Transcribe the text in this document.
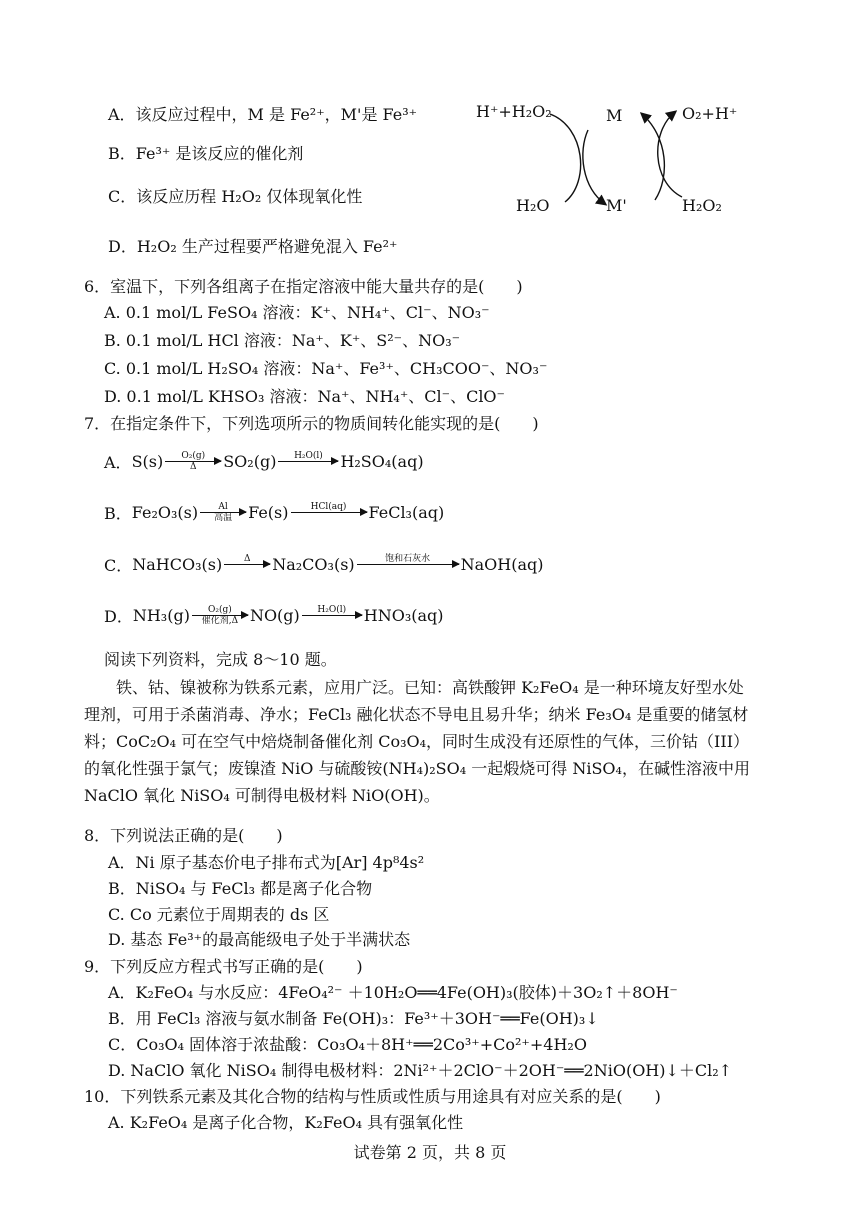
A．该反应过程中，M 是 Fe²⁺，M'是 Fe³⁺
B．Fe³⁺ 是该反应的催化剂
C．该反应历程 H₂O₂ 仅体现氧化性
D．H₂O₂ 生产过程要严格避免混入 Fe²⁺
H⁺+H₂O₂	M	O₂+H⁺
H₂O	M'	H₂O₂
6．室温下，下列各组离子在指定溶液中能大量共存的是(　　)
A. 0.1 mol/L FeSO₄ 溶液：K⁺、NH₄⁺、Cl⁻、NO₃⁻
B. 0.1 mol/L HCl 溶液：Na⁺、K⁺、S²⁻、NO₃⁻
C. 0.1 mol/L H₂SO₄ 溶液：Na⁺、Fe³⁺、CH₃COO⁻、NO₃⁻
D. 0.1 mol/L KHSO₃ 溶液：Na⁺、NH₄⁺、Cl⁻、ClO⁻
7．在指定条件下，下列选项所示的物质间转化能实现的是(　　)
A． S(s) O₂(g)
Δ SO₂(g) H₂O(l) H₂SO₄(aq)
B． Fe₂O₃(s) Al
高温 Fe(s) HCl(aq) FeCl₃(aq)
C． NaHCO₃(s) Δ Na₂CO₃(s)	饱和石灰水 NaOH(aq)
D． NH₃(g) O₂(g)
催化剂,Δ NO(g) H₂O(l) HNO₃(aq)
阅读下列资料，完成 8～10 题。
　　铁、钴、镍被称为铁系元素，应用广泛。已知：高铁酸钾 K₂FeO₄ 是一种环境友好型水处
理剂，可用于杀菌消毒、净水；FeCl₃ 融化状态不导电且易升华；纳米 Fe₃O₄ 是重要的储氢材
料；CoC₂O₄ 可在空气中焙烧制备催化剂 Co₃O₄，同时生成没有还原性的气体，三价钴（III）
的氧化性强于氯气；废镍渣 NiO 与硫酸铵(NH₄)₂SO₄ 一起煅烧可得 NiSO₄，在碱性溶液中用
NaClO 氧化 NiSO₄ 可制得电极材料 NiO(OH)。
8．下列说法正确的是(　　)
A．Ni 原子基态价电子排布式为[Ar] 4p⁸4s²
B．NiSO₄ 与 FeCl₃ 都是离子化合物
C. Co 元素位于周期表的 ds 区
D. 基态 Fe³⁺的最高能级电子处于半满状态
9．下列反应方程式书写正确的是(　　)
A．K₂FeO₄ 与水反应：4FeO₄²⁻ ＋10H₂O══4Fe(OH)₃(胶体)＋3O₂↑＋8OH⁻
B．用 FeCl₃ 溶液与氨水制备 Fe(OH)₃：Fe³⁺＋3OH⁻══Fe(OH)₃↓
C．Co₃O₄ 固体溶于浓盐酸：Co₃O₄＋8H⁺══2Co³⁺+Co²⁺+4H₂O
D. NaClO 氧化 NiSO₄ 制得电极材料：2Ni²⁺＋2ClO⁻＋2OH⁻══2NiO(OH)↓＋Cl₂↑
10．下列铁系元素及其化合物的结构与性质或性质与用途具有对应关系的是(　　)
试卷第 2 页，共 8 页
A. K₂FeO₄ 是离子化合物，K₂FeO₄ 具有强氧化性
